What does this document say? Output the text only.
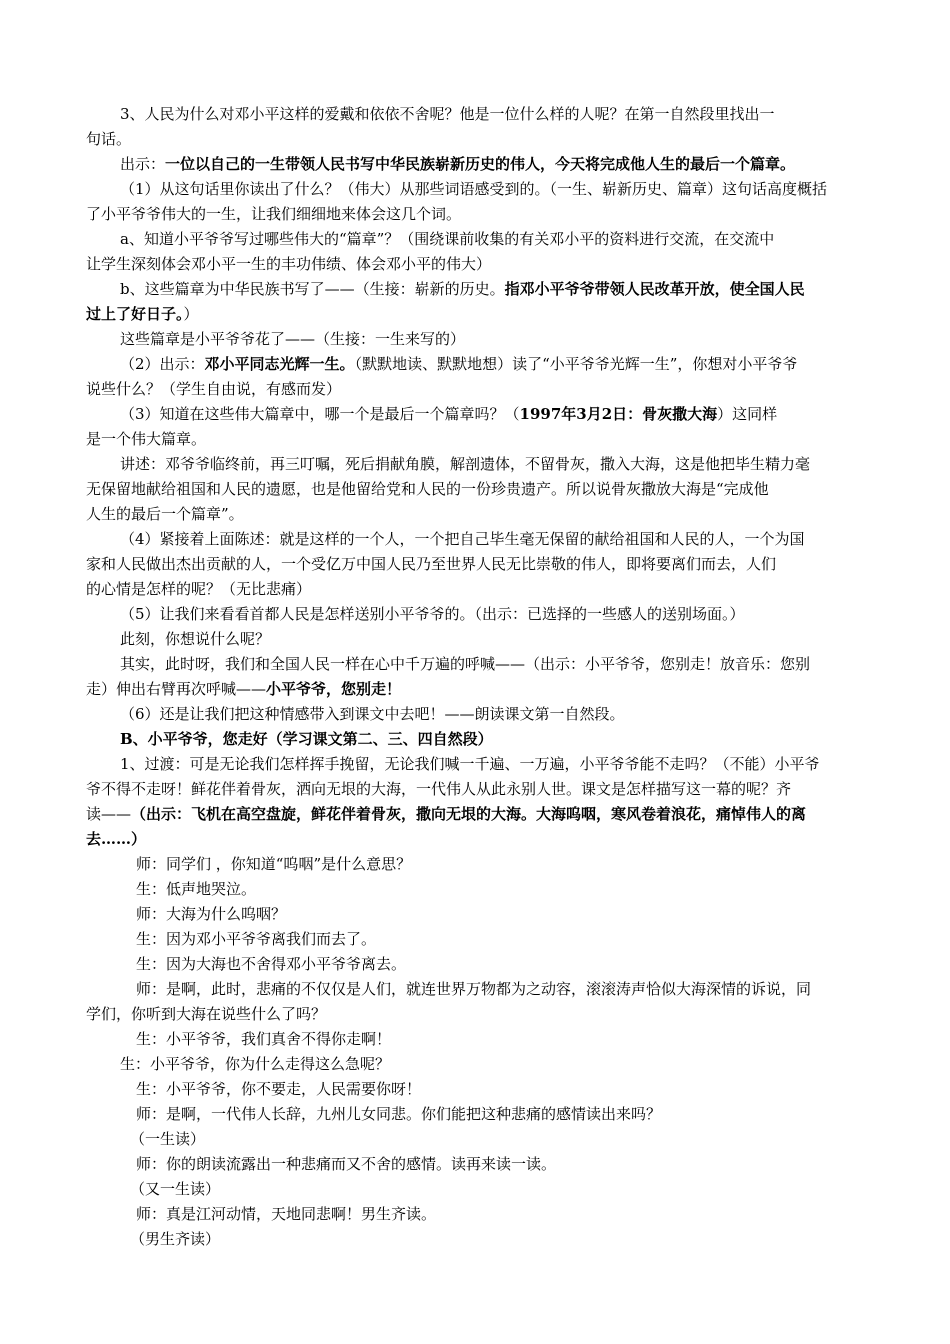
3、人民为什么对邓小平这样的爱戴和依依不舍呢？他是一位什么样的人呢？在第一自然段里找出一
句话。
出示：一位以自己的一生带领人民书写中华民族崭新历史的伟人，今天将完成他人生的最后一个篇章。
（1）从这句话里你读出了什么？（伟大）从那些词语感受到的。（一生、崭新历史、篇章）这句话高度概括
了小平爷爷伟大的一生，让我们细细地来体会这几个词。
a、知道小平爷爷写过哪些伟大的“篇章”？（围绕课前收集的有关邓小平的资料进行交流，在交流中
让学生深刻体会邓小平一生的丰功伟绩、体会邓小平的伟大）
b、这些篇章为中华民族书写了——（生接：崭新的历史。指邓小平爷爷带领人民改革开放，使全国人民
过上了好日子。）
这些篇章是小平爷爷花了——（生接：一生来写的）
（2）出示：邓小平同志光辉一生。（默默地读、默默地想）读了“小平爷爷光辉一生”，你想对小平爷爷
说些什么？（学生自由说，有感而发）
（3）知道在这些伟大篇章中，哪一个是最后一个篇章吗？（1997年3月2日：骨灰撒大海）这同样
是一个伟大篇章。
讲述：邓爷爷临终前，再三叮嘱，死后捐献角膜，解剖遗体，不留骨灰，撒入大海，这是他把毕生精力毫
无保留地献给祖国和人民的遗愿，也是他留给党和人民的一份珍贵遗产。所以说骨灰撒放大海是“完成他
人生的最后一个篇章”。
（4）紧接着上面陈述：就是这样的一个人，一个把自己毕生毫无保留的献给祖国和人民的人，一个为国
家和人民做出杰出贡献的人，一个受亿万中国人民乃至世界人民无比崇敬的伟人，即将要离们而去，人们
的心情是怎样的呢？（无比悲痛）
（5）让我们来看看首都人民是怎样送别小平爷爷的。（出示：已选择的一些感人的送别场面。）
此刻，你想说什么呢？
其实，此时呀，我们和全国人民一样在心中千万遍的呼喊——（出示：小平爷爷，您别走！放音乐：您别
走）伸出右臂再次呼喊——小平爷爷，您别走！
（6）还是让我们把这种情感带入到课文中去吧！——朗读课文第一自然段。
B、小平爷爷，您走好（学习课文第二、三、四自然段）
1、过渡：可是无论我们怎样挥手挽留，无论我们喊一千遍、一万遍，小平爷爷能不走吗？（不能）小平爷
爷不得不走呀！鲜花伴着骨灰，洒向无垠的大海，一代伟人从此永别人世。课文是怎样描写这一幕的呢？齐
读——（出示：飞机在高空盘旋，鲜花伴着骨灰，撒向无垠的大海。大海呜咽，寒风卷着浪花，痛悼伟人的离
去……）
师：同学们 ，你知道“呜咽”是什么意思？
生：低声地哭泣。
师：大海为什么呜咽？
生：因为邓小平爷爷离我们而去了。
生：因为大海也不舍得邓小平爷爷离去。
师：是啊，此时，悲痛的不仅仅是人们，就连世界万物都为之动容，滚滚涛声恰似大海深情的诉说，同
学们，你听到大海在说些什么了吗？
生：小平爷爷，我们真舍不得你走啊！
生：小平爷爷，你为什么走得这么急呢？
生：小平爷爷，你不要走，人民需要你呀！
师：是啊，一代伟人长辞，九州儿女同悲。你们能把这种悲痛的感情读出来吗？
（一生读）
师：你的朗读流露出一种悲痛而又不舍的感情。读再来读一读。
（又一生读）
师：真是江河动情，天地同悲啊！男生齐读。
（男生齐读）
